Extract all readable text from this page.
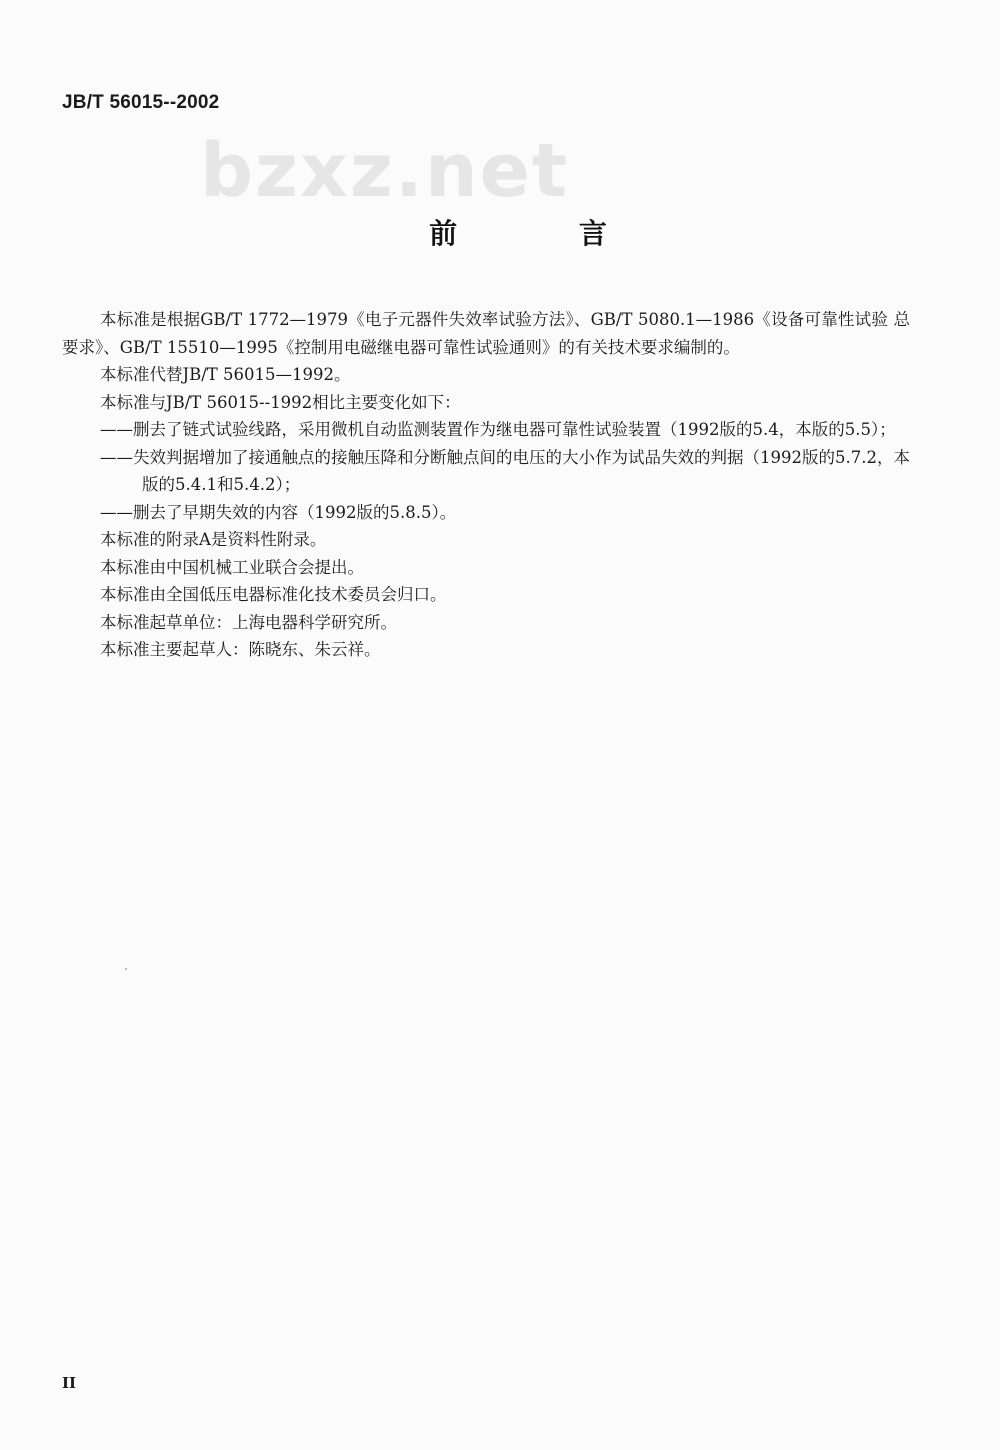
JB/T 56015--2002
bzxz.net
前 言

本标准是根据GB/T 1772—1979《电子元器件失效率试验方法》、GB/T 5080.1—1986《设备可靠性试验 总要求》、GB/T 15510—1995《控制用电磁继电器可靠性试验通则》的有关技术要求编制的。

本标准代替JB/T 56015—1992。

本标准与JB/T 56015--1992相比主要变化如下：

——删去了链式试验线路，采用微机自动监测装置作为继电器可靠性试验装置（1992版的5.4，本版的5.5）；

——失效判据增加了接通触点的接触压降和分断触点间的电压的大小作为试品失效的判据（1992版的5.7.2，本版的5.4.1和5.4.2）；

——删去了早期失效的内容（1992版的5.8.5）。

本标准的附录A是资料性附录。

本标准由中国机械工业联合会提出。

本标准由全国低压电器标准化技术委员会归口。

本标准起草单位：上海电器科学研究所。

本标准主要起草人：陈晓东、朱云祥。

II
